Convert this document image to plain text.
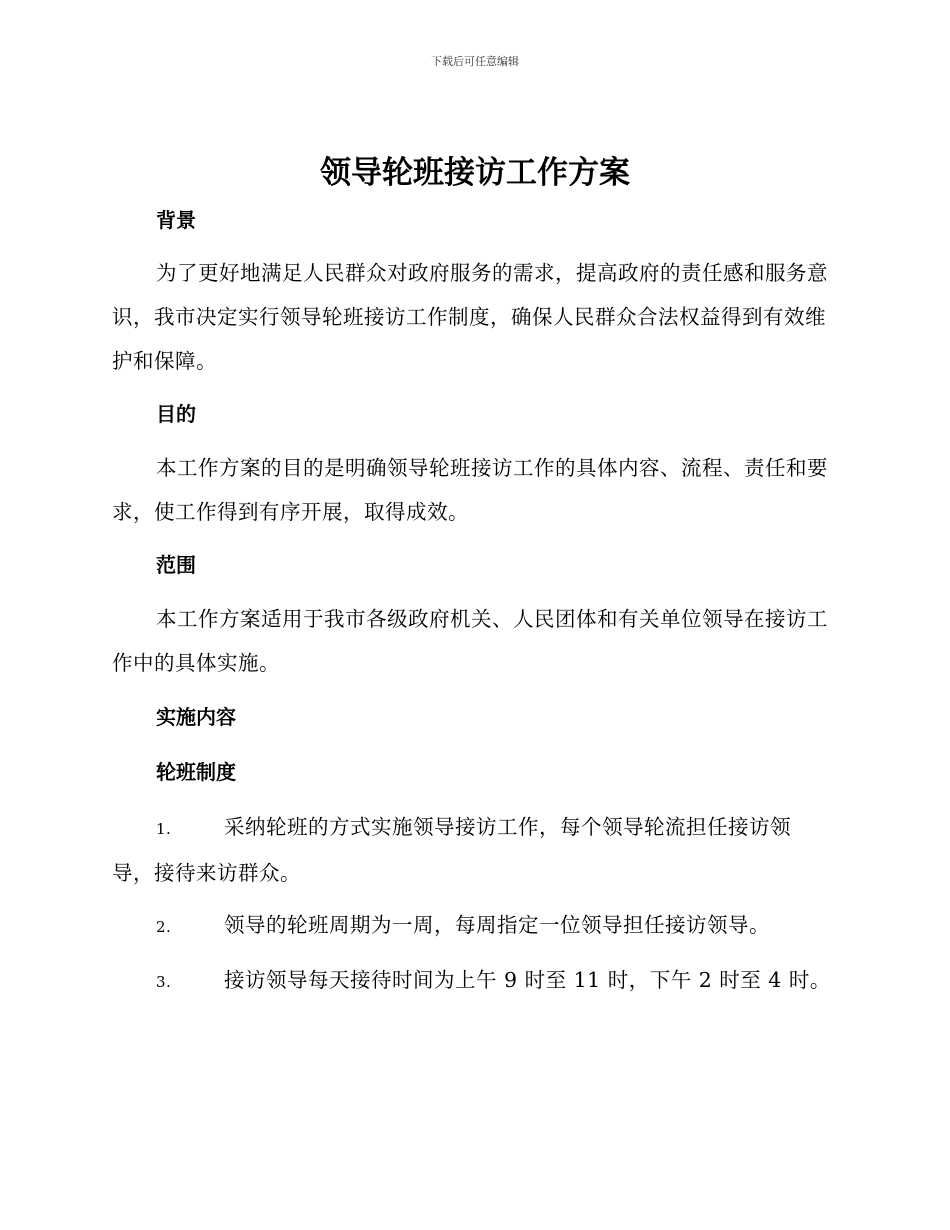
下载后可任意编辑
领导轮班接访工作方案
背景

为了更好地满足人民群众对政府服务的需求，提高政府的责任感和服务意识，我市决定实行领导轮班接访工作制度，确保人民群众合法权益得到有效维护和保障。

目的

本工作方案的目的是明确领导轮班接访工作的具体内容、流程、责任和要求，使工作得到有序开展，取得成效。

范围

本工作方案适用于我市各级政府机关、人民团体和有关单位领导在接访工作中的具体实施。

实施内容
轮班制度
1.	采纳轮班的方式实施领导接访工作，每个领导轮流担任接访领导，接待来访群众。
2.	领导的轮班周期为一周，每周指定一位领导担任接访领导。
3.	接访领导每天接待时间为上午 9 时至 11 时，下午 2 时至 4 时。
